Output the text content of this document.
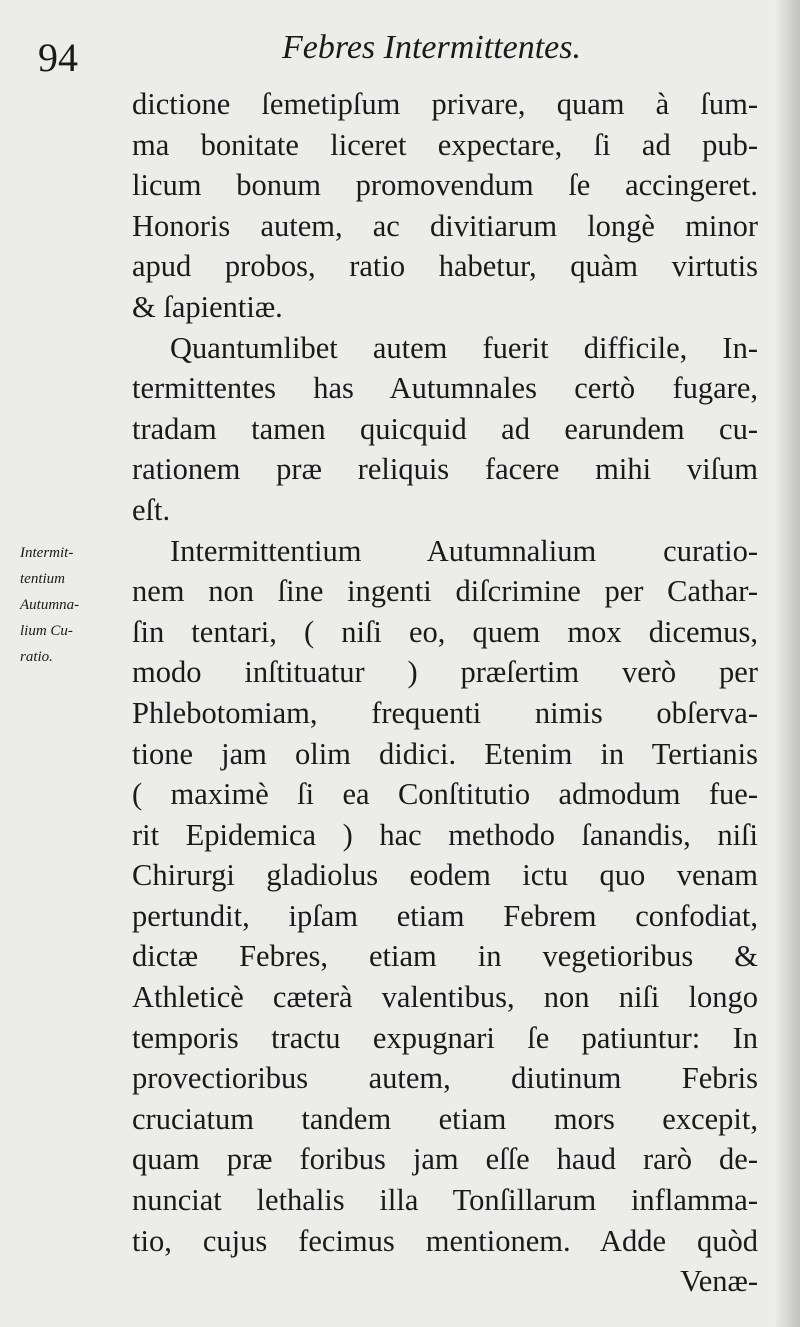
94	Febres Intermittentes.
Intermit-
tentium
Autumna-
lium Cu-
ratio.
dictione ſemetipſum privare, quam à ſum-
ma bonitate liceret expectare, ſi ad pub-
licum bonum promovendum ſe accingeret.
Honoris autem, ac divitiarum longè minor
apud probos, ratio habetur, quàm virtutis
& ſapientiæ.
Quantumlibet autem fuerit difficile, In-
termittentes has Autumnales certò fugare,
tradam tamen quicquid ad earundem cu-
rationem præ reliquis facere mihi viſum
eſt.
Intermittentium Autumnalium curatio-
nem non ſine ingenti diſcrimine per Cathar-
ſin tentari, ( niſi eo, quem mox dicemus,
modo inſtituatur ) præſertim verò per
Phlebotomiam, frequenti nimis obſerva-
tione jam olim didici. Etenim in Tertianis
( maximè ſi ea Conſtitutio admodum fue-
rit Epidemica ) hac methodo ſanandis, niſi
Chirurgi gladiolus eodem ictu quo venam
pertundit, ipſam etiam Febrem confodiat,
dictæ Febres, etiam in vegetioribus &
Athleticè cæterà valentibus, non niſi longo
temporis tractu expugnari ſe patiuntur: In
provectioribus autem, diutinum Febris
cruciatum tandem etiam mors excepit,
quam præ foribus jam eſſe haud rarò de-
nunciat lethalis illa Tonſillarum inflamma-
tio, cujus fecimus mentionem. Adde quòd
Venæ-
